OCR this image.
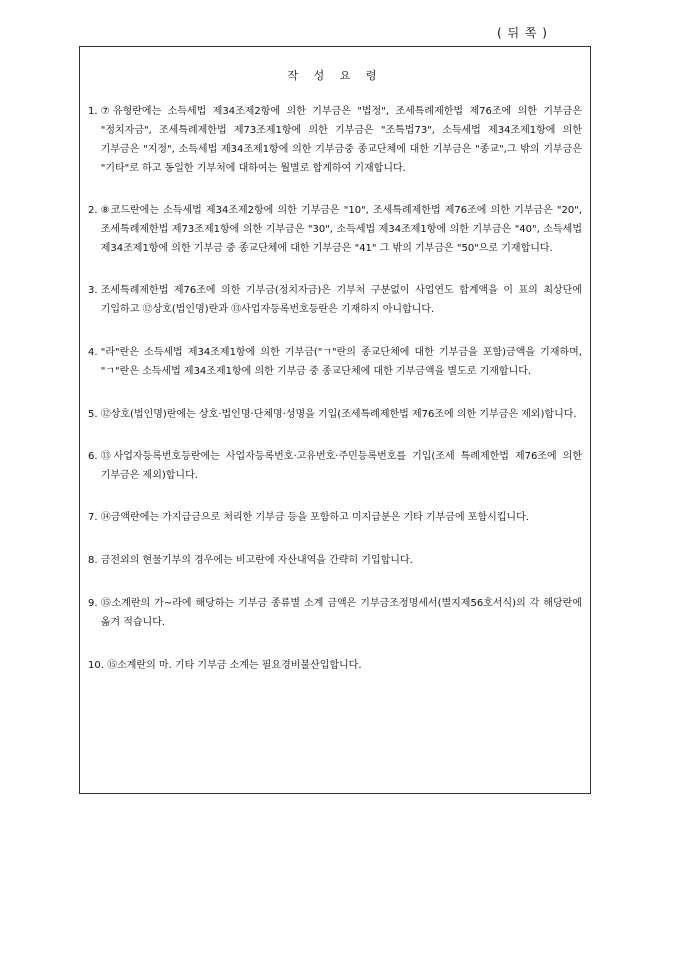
( 뒤 쪽 )
작 성 요 령
1. ⑦유형란에는 소득세법 제34조제2항에 의한 기부금은 "법정", 조세특례제한법 제76조에 의한 기부금은 "정치자금", 조세특례제한법 제73조제1항에 의한 기부금은 "조특법73", 소득세법 제34조제1항에 의한 기부금은 "지정", 소득세법 제34조제1항에 의한 기부금중 종교단체에 대한 기부금은 "종교",그 밖의 기부금은 "기타"로 하고 동일한 기부처에 대하여는 월별로 합계하여 기재합니다.
2. ⑧코드란에는 소득세법 제34조제2항에 의한 기부금은 "10", 조세특례제한법 제76조에 의한 기부금은 "20", 조세특례제한법 제73조제1항에 의한 기부금은 "30", 소득세법 제34조제1항에 의한 기부금은 "40", 소득세법 제34조제1항에 의한 기부금 중 종교단체에 대한 기부금은 "41" 그 밖의 기부금은 "50"으로 기재합니다.
3. 조세특례제한법 제76조에 의한 기부금(정치자금)은 기부처 구분없이 사업연도 합계액을 이 표의 최상단에 기입하고 ⑫상호(법인명)란과 ⑬사업자등록번호등란은 기재하지 아니합니다.
4. "라"란은 소득세법 제34조제1항에 의한 기부금("ㄱ"란의 종교단체에 대한 기부금을 포함)금액을 기재하며, "ㄱ"란은 소득세법 제34조제1항에 의한 기부금 중 종교단체에 대한 기부금액을 별도로 기재합니다.
5. ⑫상호(법인명)란에는 상호·법인명·단체명·성명을 기입(조세특례제한법 제76조에 의한 기부금은 제외)합니다.
6. ⑬사업자등록번호등란에는 사업자등록번호·고유번호·주민등록번호를 기입(조세 특례제한법 제76조에 의한 기부금은 제외)합니다.
7. ⑭금액란에는 가지급금으로 처리한 기부금 등을 포함하고 미지급분은 기타 기부금에 포함시킵니다.
8. 금전외의 현물기부의 경우에는 비고란에 자산내역을 간략히 기입합니다.
9. ⑮소계란의 가~라에 해당하는 기부금 종류별 소계 금액은 기부금조정명세서(별지제56호서식)의 각 해당란에 옮겨 적습니다.
10. ⑮소계란의 마. 기타 기부금 소계는 필요경비불산입합니다.
